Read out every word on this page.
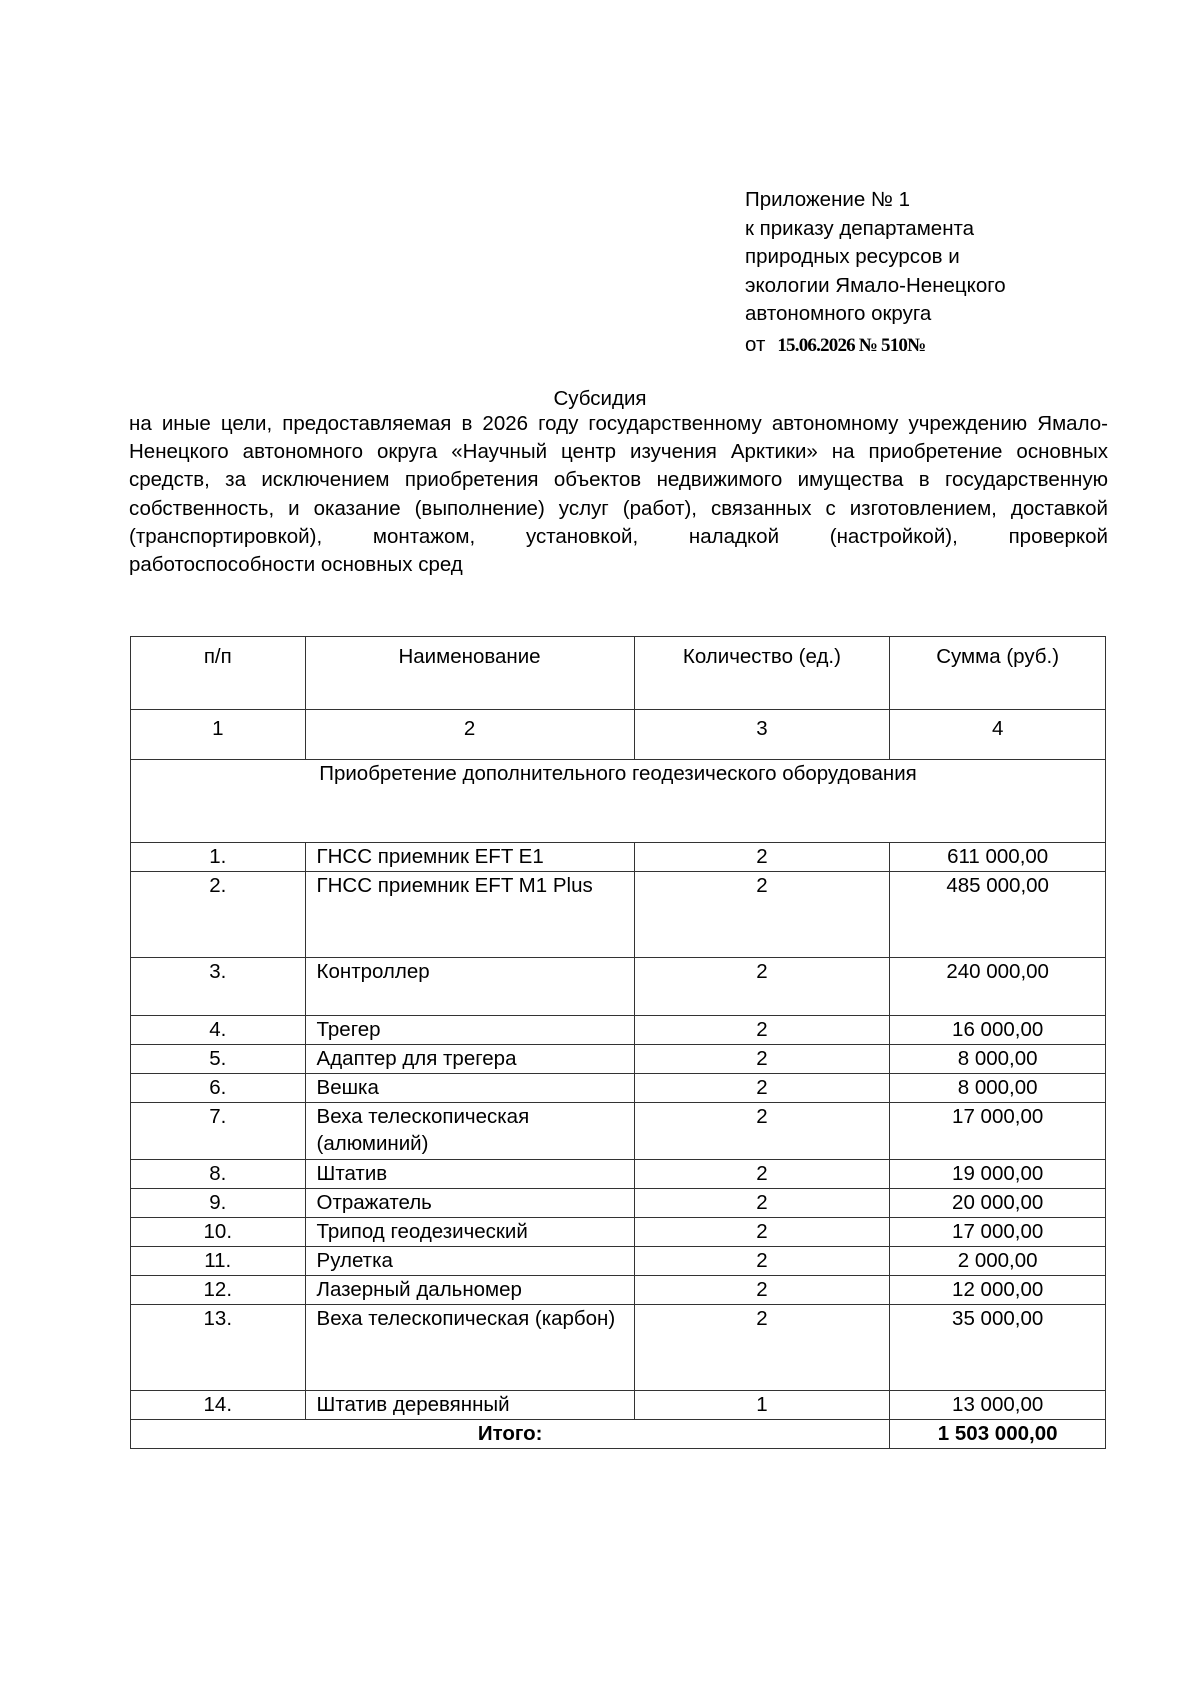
Приложение № 1
к приказу департамента
природных ресурсов и
экологии Ямало-Ненецкого
автономного округа
от 15.06.2026 № 510№
Субсидия
на иные цели, предоставляемая в 2026 году государственному автономному учреждению Ямало-Ненецкого автономного округа «Научный центр изучения Арктики» на приобретение основных средств, за исключением приобретения объектов недвижимого имущества в государственную собственность, и оказание (выполнение) услуг (работ), связанных с изготовлением, доставкой (транспортировкой), монтажом, установкой, наладкой (настройкой), проверкой работоспособности основных сред
п/п	Наименование	Количество (ед.)	Сумма (руб.)
1	2	3	4
Приобретение дополнительного геодезического оборудования			
1.	ГНСС приемник EFT E1	2	611 000,00
2.	ГНСС приемник EFT M1 Plus	2	485 000,00
3.	Контроллер	2	240 000,00
4.	Трегер	2	16 000,00
5.	Адаптер для трегера	2	8 000,00
6.	Вешка	2	8 000,00
7.	Веха телескопическая (алюминий)	2	17 000,00
8.	Штатив	2	19 000,00
9.	Отражатель	2	20 000,00
10.	Трипод геодезический	2	17 000,00
11.	Рулетка	2	2 000,00
12.	Лазерный дальномер	2	12 000,00
13.	Веха телескопическая (карбон)	2	35 000,00
14.	Штатив деревянный	1	13 000,00
Итого:			1 503 000,00
